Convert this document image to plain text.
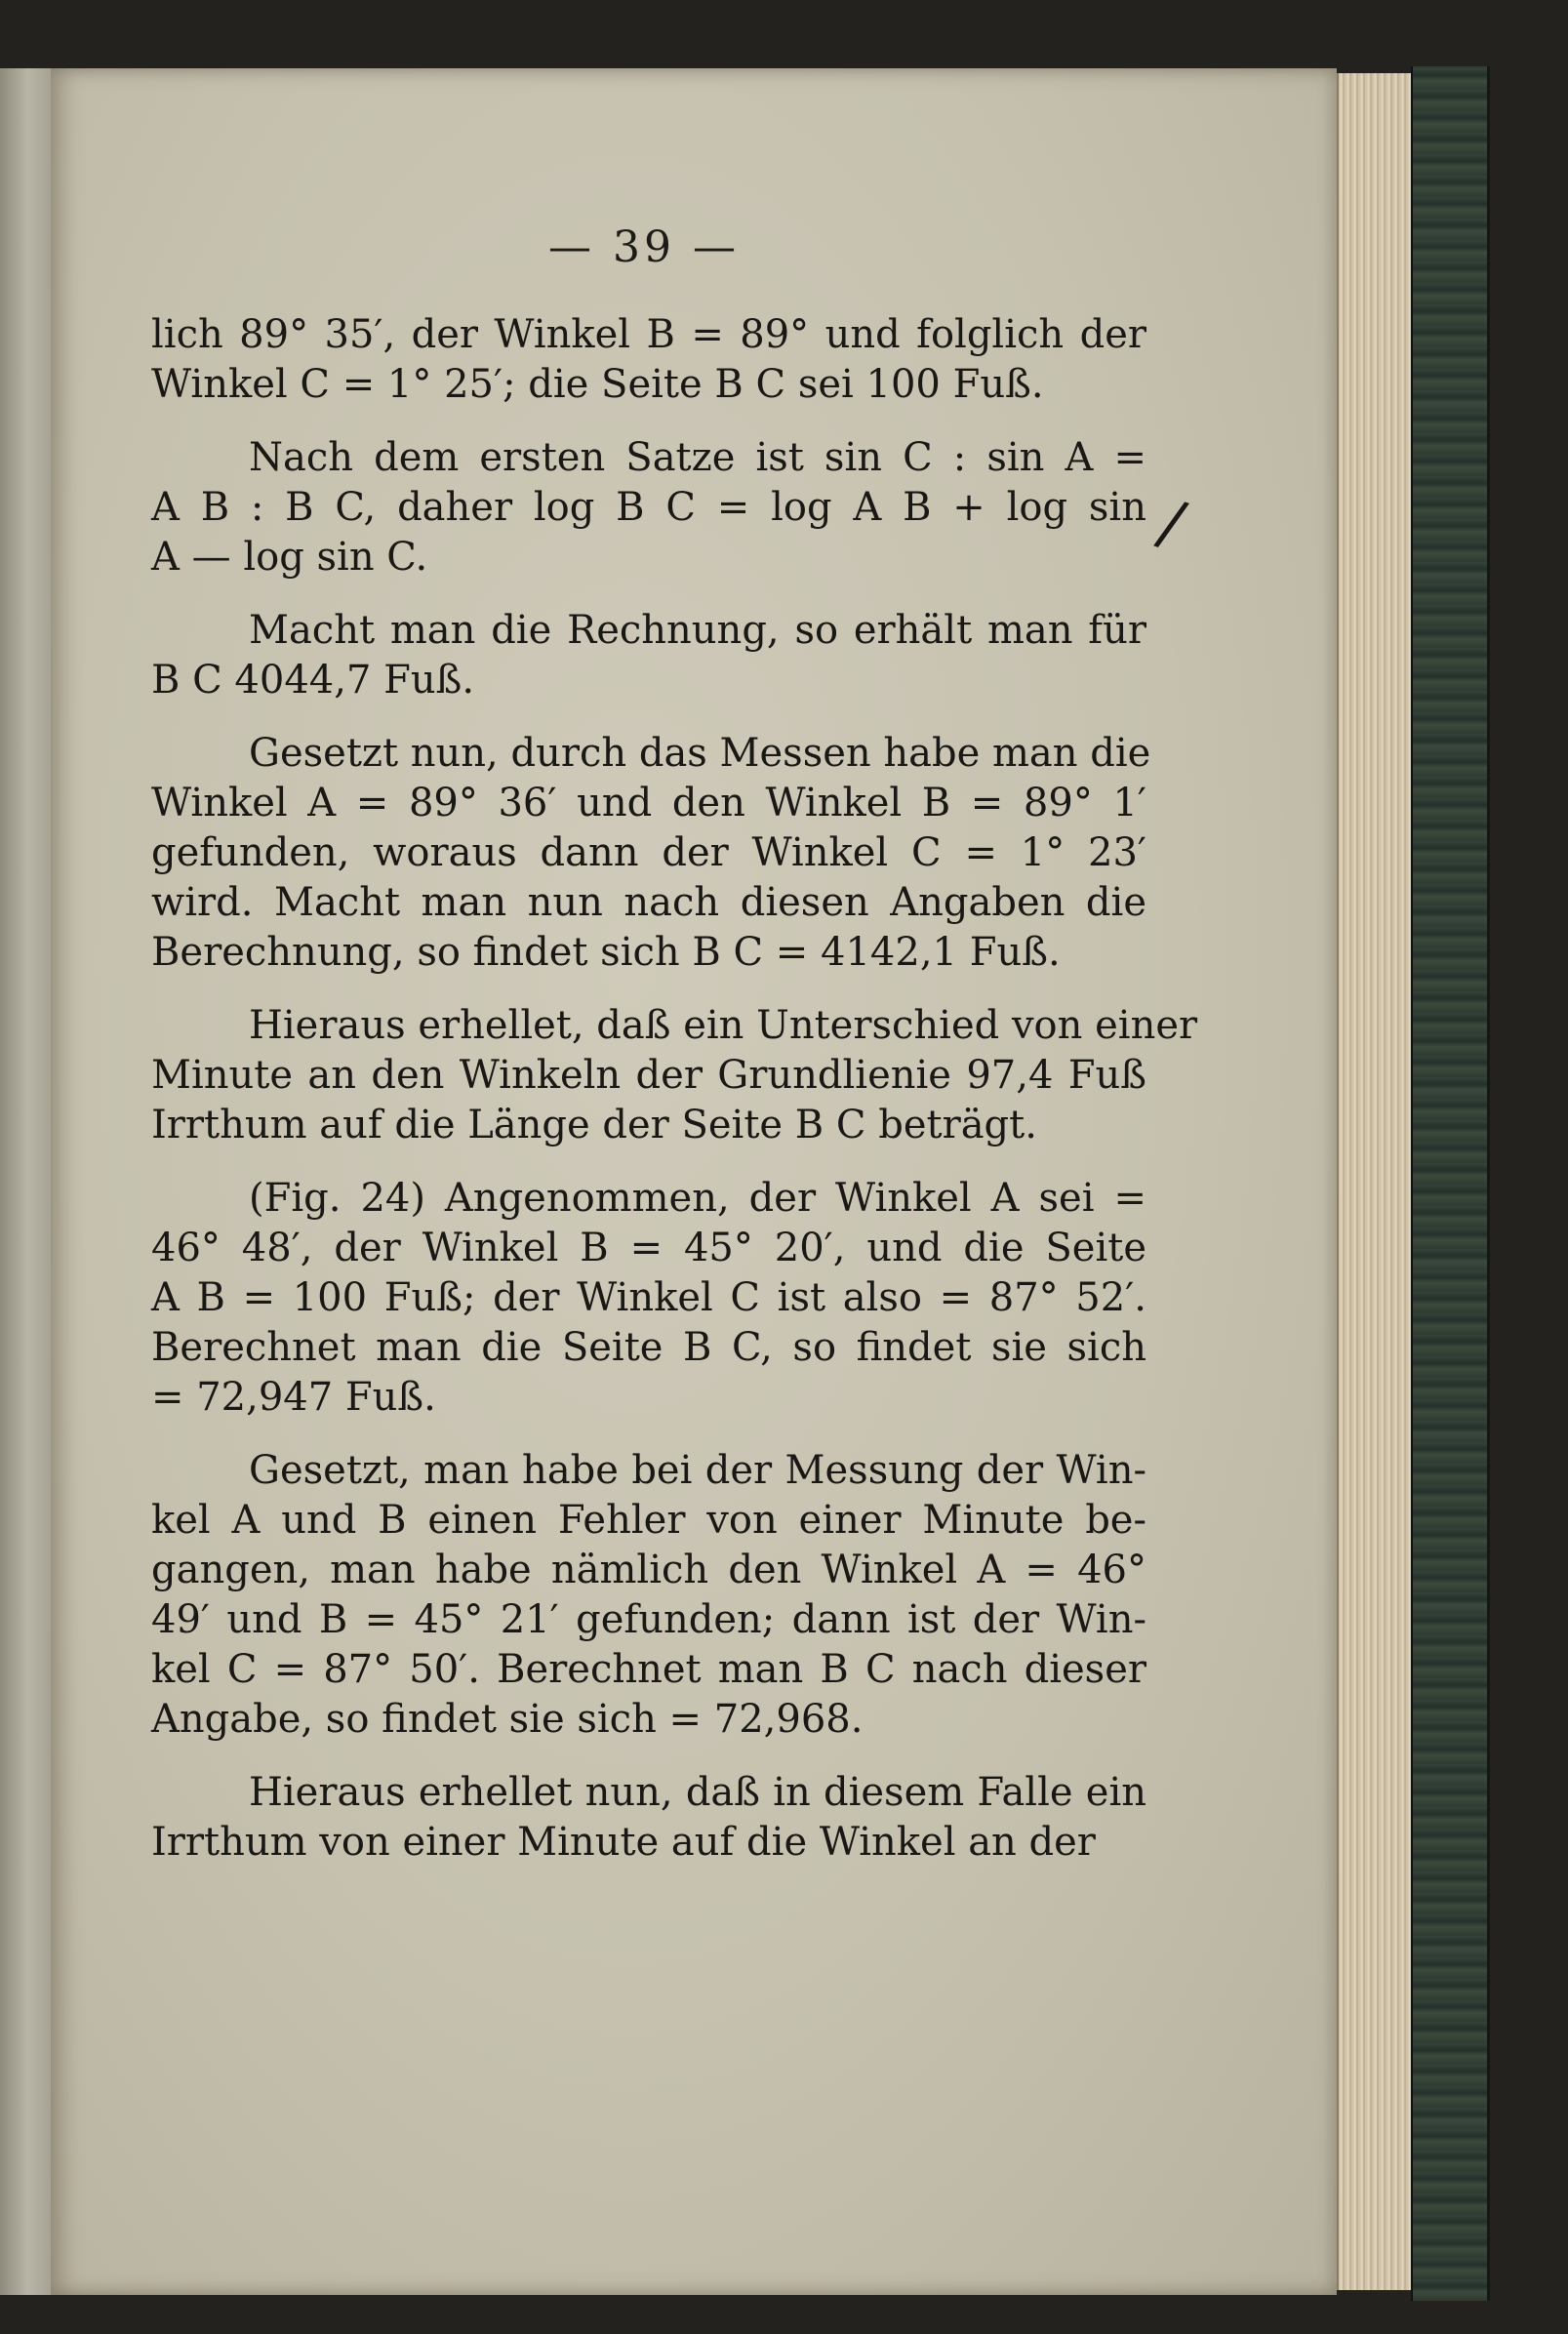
— 39 —
/
lich 89° 35′, der Winkel B = 89° und folglich der
Winkel C = 1° 25′; die Seite B C sei 100 Fuß.
Nach dem ersten Satze ist sin C : sin A =
A B : B C, daher log B C = log A B + log sin
A — log sin C.
Macht man die Rechnung, so erhält man für
B C 4044,7 Fuß.
Gesetzt nun, durch das Messen habe man die
Winkel A = 89° 36′ und den Winkel B = 89° 1′
gefunden, woraus dann der Winkel C = 1° 23′
wird. Macht man nun nach diesen Angaben die
Berechnung, so findet sich B C = 4142,1 Fuß.
Hieraus erhellet, daß ein Unterschied von einer
Minute an den Winkeln der Grundlienie 97,4 Fuß
Irrthum auf die Länge der Seite B C beträgt.
(Fig. 24) Angenommen, der Winkel A sei =
46° 48′, der Winkel B = 45° 20′, und die Seite
A B = 100 Fuß; der Winkel C ist also = 87° 52′.
Berechnet man die Seite B C, so findet sie sich
= 72,947 Fuß.
Gesetzt, man habe bei der Messung der Win-
kel A und B einen Fehler von einer Minute be-
gangen, man habe nämlich den Winkel A = 46°
49′ und B = 45° 21′ gefunden; dann ist der Win-
kel C = 87° 50′. Berechnet man B C nach dieser
Angabe, so findet sie sich = 72,968.
Hieraus erhellet nun, daß in diesem Falle ein
Irrthum von einer Minute auf die Winkel an der
